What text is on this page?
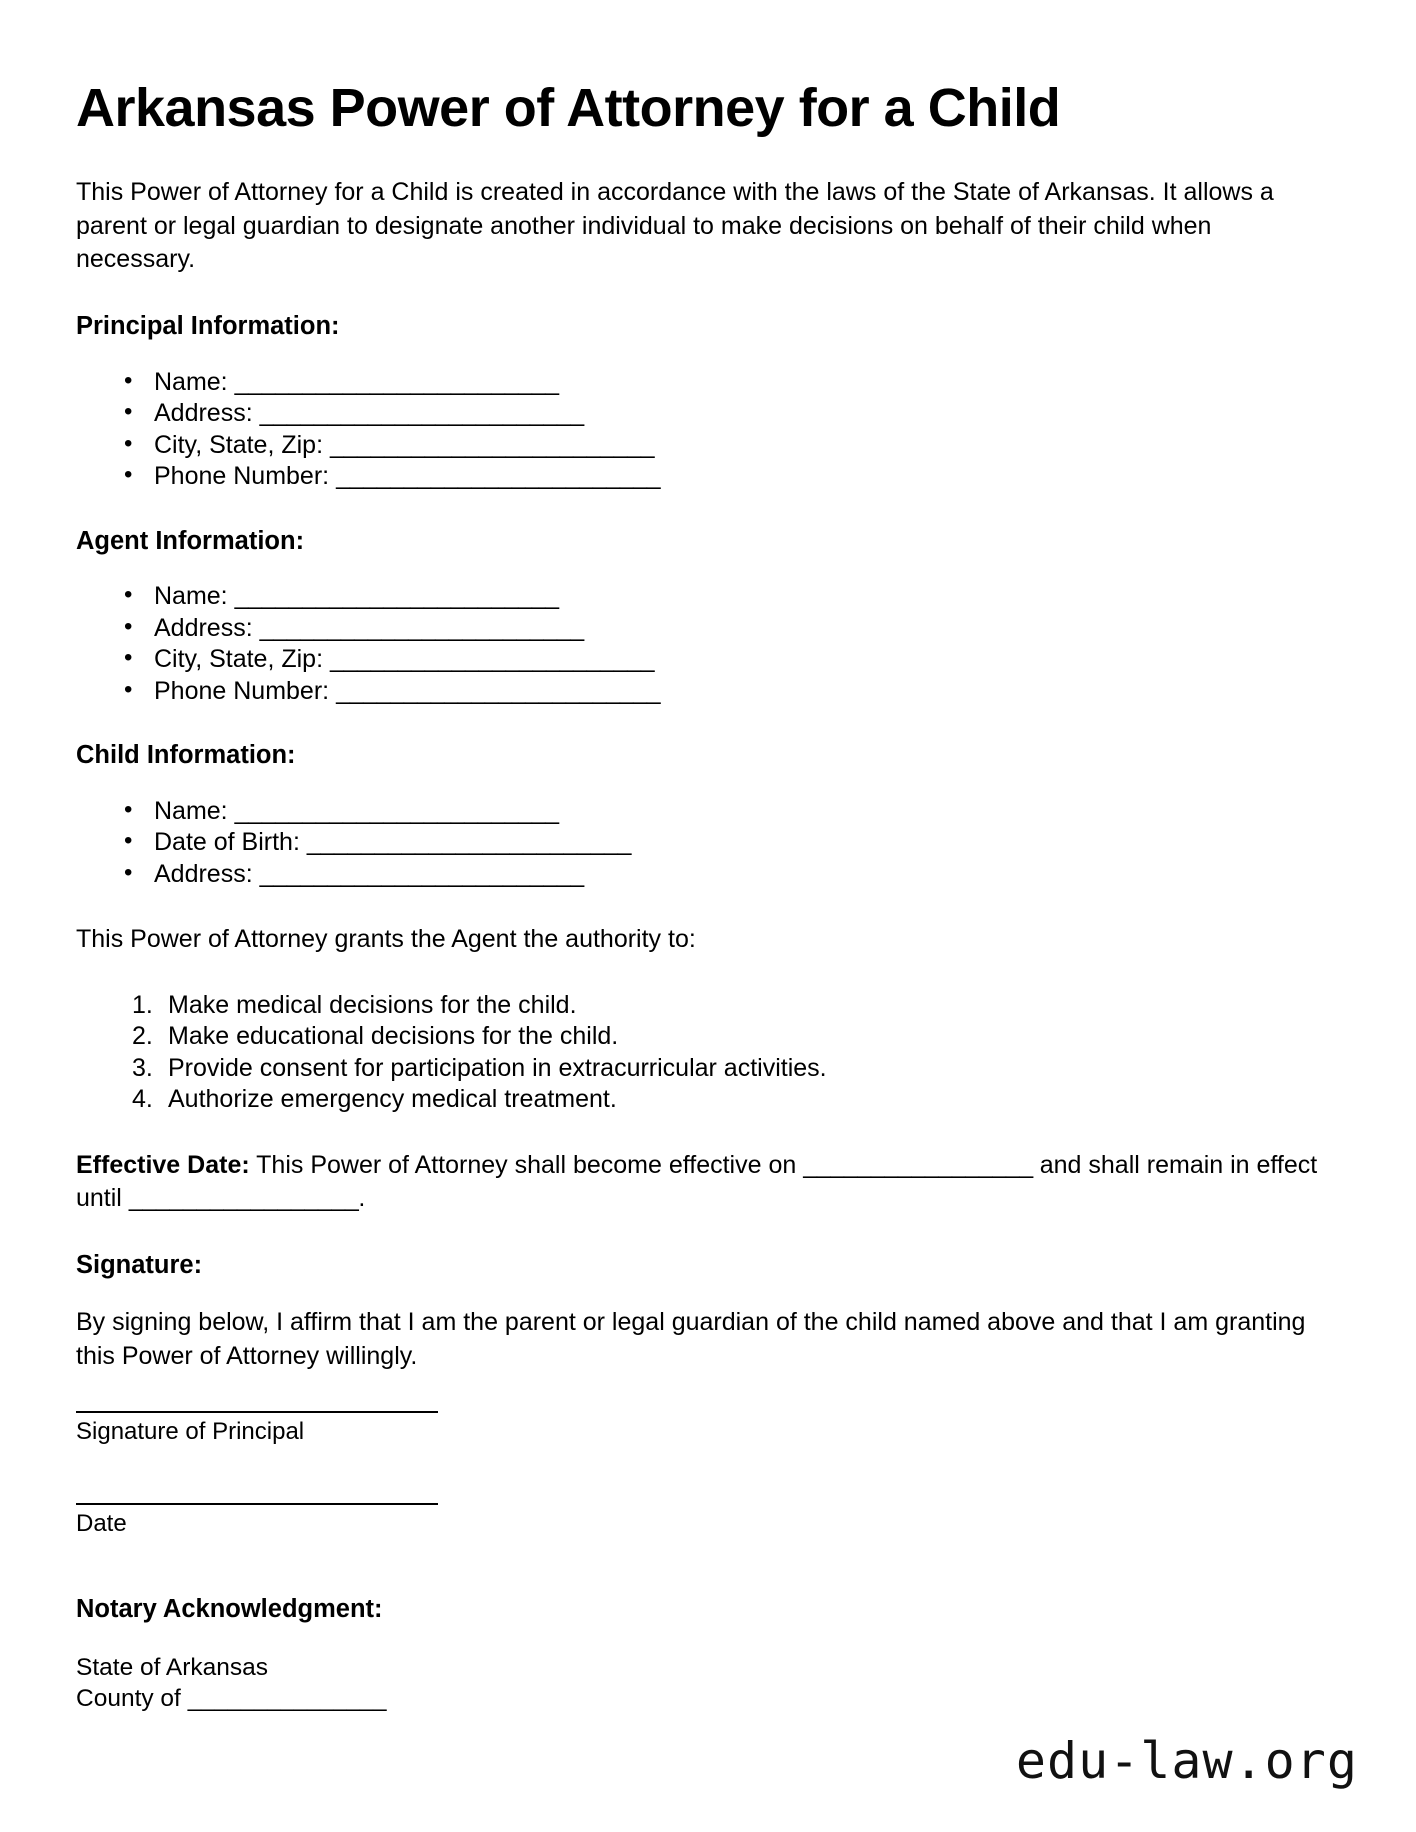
Arkansas Power of Attorney for a Child

This Power of Attorney for a Child is created in accordance with the laws of the State of Arkansas. It allows a parent or legal guardian to designate another individual to make decisions on behalf of their child when necessary.

Principal Information:
• Name: ________________________
• Address: ________________________
• City, State, Zip: ________________________
• Phone Number: ________________________
Agent Information:
• Name: ________________________
• Address: ________________________
• City, State, Zip: ________________________
• Phone Number: ________________________
Child Information:
• Name: ________________________
• Date of Birth: ________________________
• Address: ________________________

This Power of Attorney grants the Agent the authority to:

Make medical decisions for the child.
Make educational decisions for the child.
Provide consent for participation in extracurricular activities.
Authorize emergency medical treatment.

Effective Date: This Power of Attorney shall become effective on _________________ and shall remain in effect until _________________.

Signature:

By signing below, I affirm that I am the parent or legal guardian of the child named above and that I am granting this Power of Attorney willingly.

Signature of Principal

Date

Notary Acknowledgment:

State of Arkansas

County of _______________

edu-law.org
